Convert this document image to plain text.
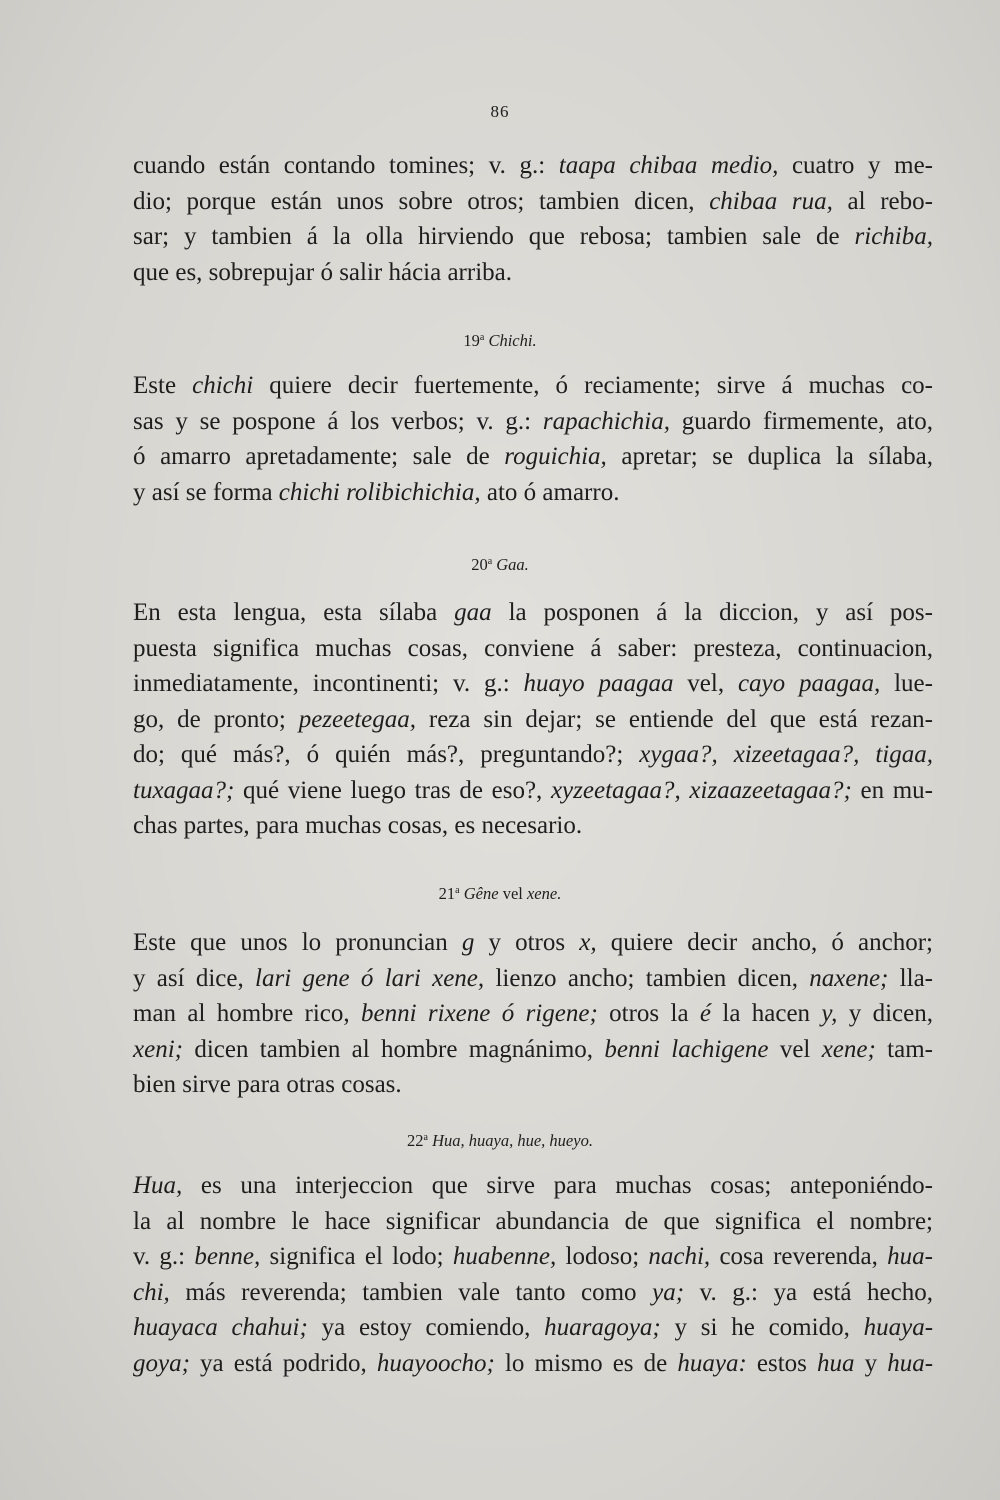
86
cuando están contando tomines; v. g.: taapa chibaa medio, cuatro y me-
dio; porque están unos sobre otros; tambien dicen, chibaa rua, al rebo-
sar; y tambien á la olla hirviendo que rebosa; tambien sale de richiba,
que es, sobrepujar ó salir hácia arriba.
19$^a$ Chichi.
Este chichi quiere decir fuertemente, ó reciamente; sirve á muchas co-
sas y se pospone á los verbos; v. g.: rapachichia, guardo firmemente, ato,
ó amarro apretadamente; sale de roguichia, apretar; se duplica la sílaba,
y así se forma chichi rolibichichia, ato ó amarro.
20$^a$ Gaa.
En esta lengua, esta sílaba gaa la posponen á la diccion, y así pos-
puesta significa muchas cosas, conviene á saber: presteza, continuacion,
inmediatamente, incontinenti; v. g.: huayo paagaa vel, cayo paagaa, lue-
go, de pronto; pezeetegaa, reza sin dejar; se entiende del que está rezan-
do; qué más?, ó quién más?, preguntando?; xygaa?, xizeetagaa?, tigaa,
tuxagaa?; qué viene luego tras de eso?, xyzeetagaa?, xizaazeetagaa?; en mu-
chas partes, para muchas cosas, es necesario.
21$^a$ Gêne vel xene.
Este que unos lo pronuncian g y otros x, quiere decir ancho, ó anchor;
y así dice, lari gene ó lari xene, lienzo ancho; tambien dicen, naxene; lla-
man al hombre rico, benni rixene ó rigene; otros la é la hacen y, y dicen,
xeni; dicen tambien al hombre magnánimo, benni lachigene vel xene; tam-
bien sirve para otras cosas.
22$^a$ Hua, huaya, hue, hueyo.
Hua, es una interjeccion que sirve para muchas cosas; anteponiéndo-
la al nombre le hace significar abundancia de que significa el nombre;
v. g.: benne, significa el lodo; huabenne, lodoso; nachi, cosa reverenda, hua-
chi, más reverenda; tambien vale tanto como ya; v. g.: ya está hecho,
huayaca chahui; ya estoy comiendo, huaragoya; y si he comido, huaya-
goya; ya está podrido, huayoocho; lo mismo es de huaya: estos hua y hua-
